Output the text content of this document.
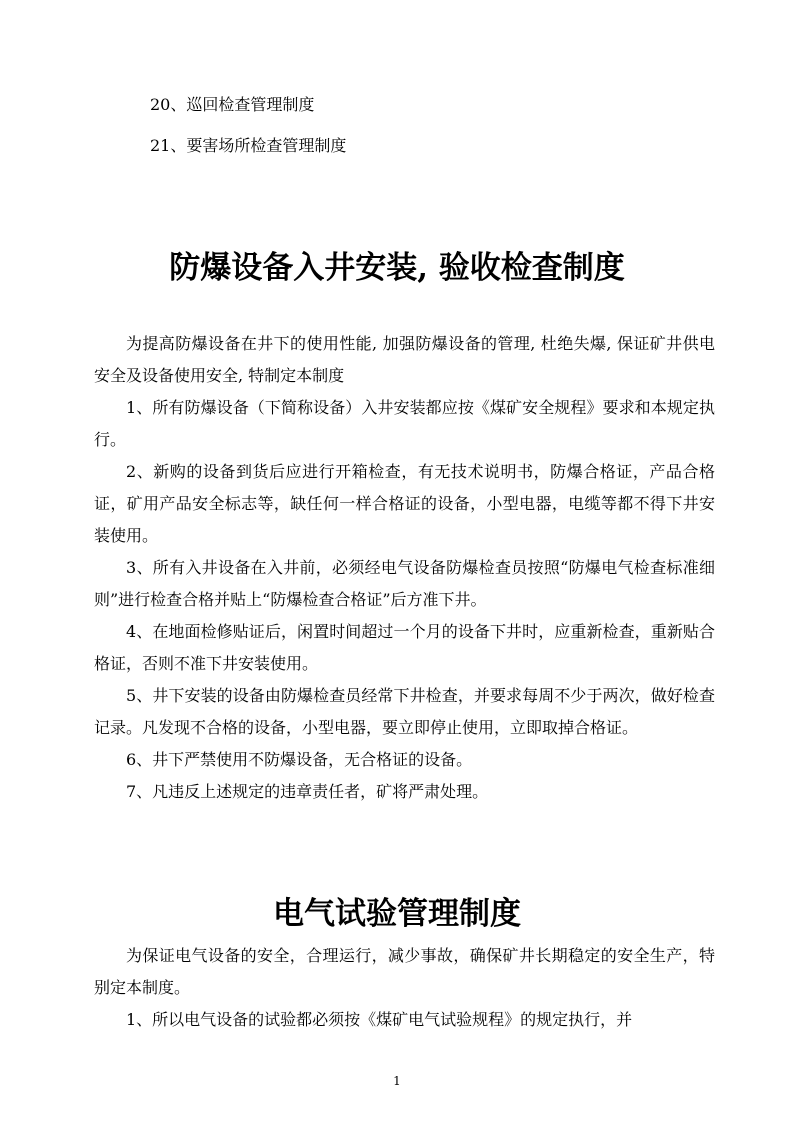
20、巡回检查管理制度
21、要害场所检查管理制度
防爆设备入井安装, 验收检查制度

为提高防爆设备在井下的使用性能, 加强防爆设备的管理, 杜绝失爆, 保证矿井供电安全及设备使用安全, 特制定本制度

1、所有防爆设备（下简称设备）入井安装都应按《煤矿安全规程》要求和本规定执行。

2、新购的设备到货后应进行开箱检查，有无技术说明书，防爆合格证，产品合格证，矿用产品安全标志等，缺任何一样合格证的设备，小型电器，电缆等都不得下井安装使用。

3、所有入井设备在入井前，必须经电气设备防爆检查员按照“防爆电气检查标准细则”进行检查合格并贴上“防爆检查合格证”后方准下井。

4、在地面检修贴证后，闲置时间超过一个月的设备下井时，应重新检查，重新贴合格证，否则不准下井安装使用。

5、井下安装的设备由防爆检查员经常下井检查，并要求每周不少于两次，做好检查记录。凡发现不合格的设备，小型电器，要立即停止使用，立即取掉合格证。

6、井下严禁使用不防爆设备，无合格证的设备。

7、凡违反上述规定的违章责任者，矿将严肃处理。

电气试验管理制度

为保证电气设备的安全，合理运行，减少事故，确保矿井长期稳定的安全生产，特别定本制度。

1、所以电气设备的试验都必须按《煤矿电气试验规程》的规定执行，并

1
